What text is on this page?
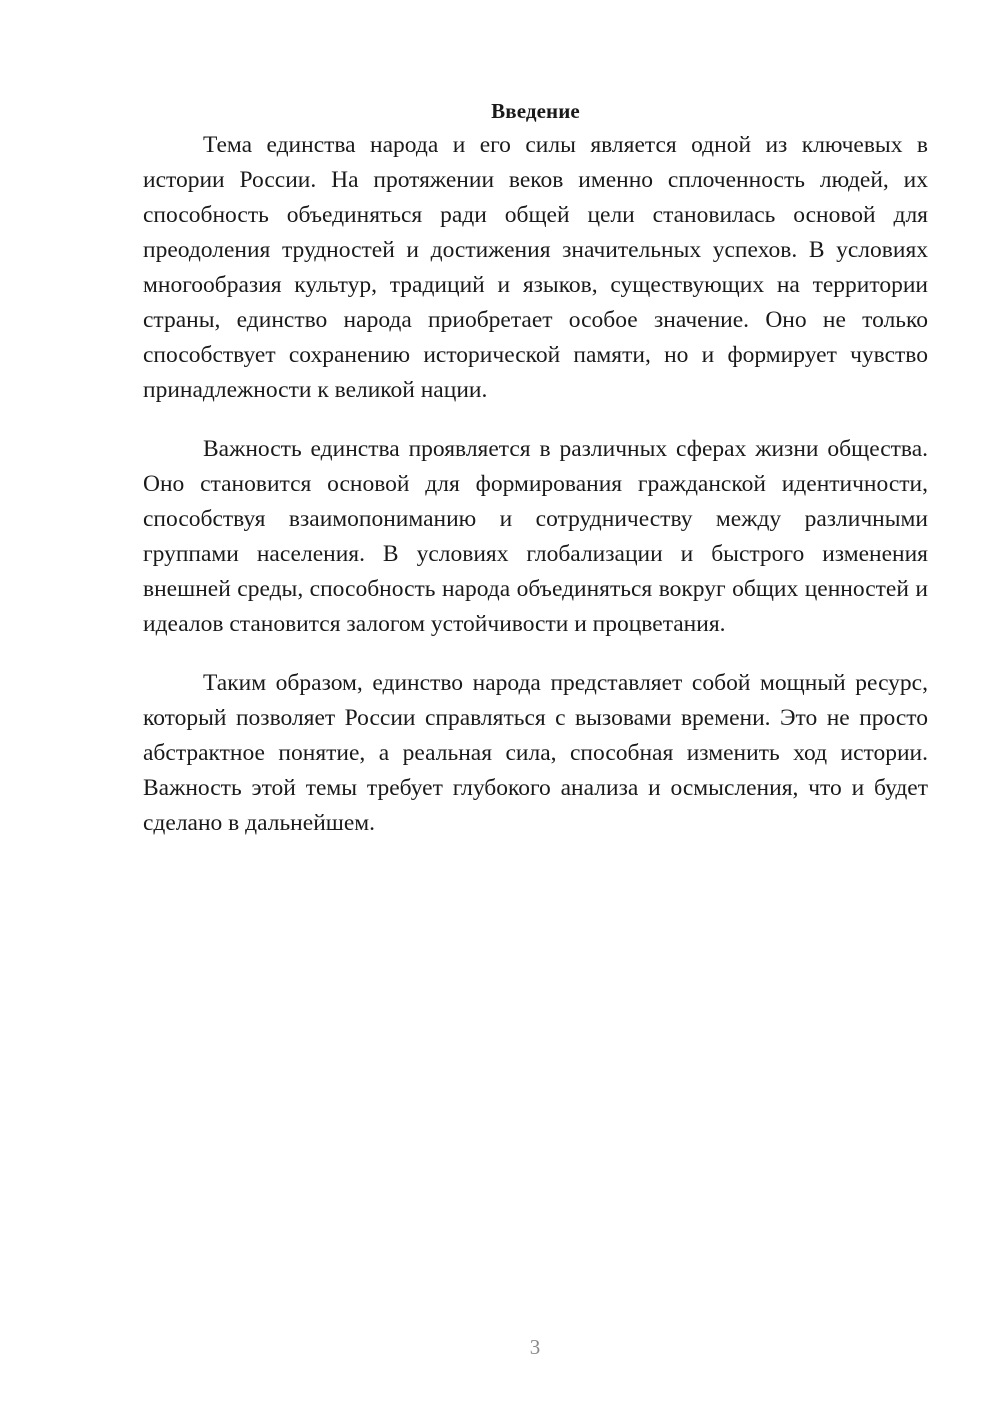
Введение

Тема единства народа и его силы является одной из ключевых в истории России. На протяжении веков именно сплоченность людей, их способность объединяться ради общей цели становилась основой для преодоления трудностей и достижения значительных успехов. В условиях многообразия культур, традиций и языков, существующих на территории страны, единство народа приобретает особое значение. Оно не только способствует сохранению исторической памяти, но и формирует чувство принадлежности к великой нации.

Важность единства проявляется в различных сферах жизни общества. Оно становится основой для формирования гражданской идентичности, способствуя взаимопониманию и сотрудничеству между различными группами населения. В условиях глобализации и быстрого изменения внешней среды, способность народа объединяться вокруг общих ценностей и идеалов становится залогом устойчивости и процветания.

Таким образом, единство народа представляет собой мощный ресурс, который позволяет России справляться с вызовами времени. Это не просто абстрактное понятие, а реальная сила, способная изменить ход истории. Важность этой темы требует глубокого анализа и осмысления, что и будет сделано в дальнейшем.

3
